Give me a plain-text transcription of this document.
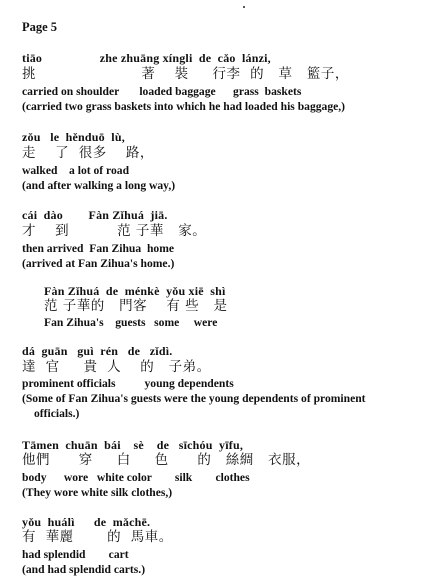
Page 5
tiāo                  zhe zhuāng xíngli  de  cǎo  lánzi,
挑                      著    裝     行李  的   草   籃子，
carried on shoulder       loaded baggage      grass  baskets
(carried two grass baskets into which he had loaded his baggage,)
zǒu   le  hěnduō  lù,
走    了  很多    路，
walked    a lot of road
(and after walking a long way,)
cái  dào        Fàn Zǐhuá  jiā.
才    到          范 子華   家。
then arrived  Fan Zihua  home
(arrived at Fan Zihua's home.)
Fàn Zǐhuá  de  ménkè  yǒu xiē  shì
范 子華的   門客    有 些   是
Fan Zihua's    guests   some     were
dá  guān   guì  rén   de   zǐdì.
達  官     貴  人    的   子弟。
prominent officials          young dependents
(Some of Fan Zihua's guests were the young dependents of prominent
officials.)
Tāmen  chuān  bái    sè    de   sīchóu  yīfu,
他們      穿     白     色      的   絲綢   衣服，
body      wore   white color        silk        clothes
(They wore white silk clothes,)
yǒu  huálì      de  mǎchē.
有  華麗       的  馬車。
had splendid        cart
(and had splendid carts.)
